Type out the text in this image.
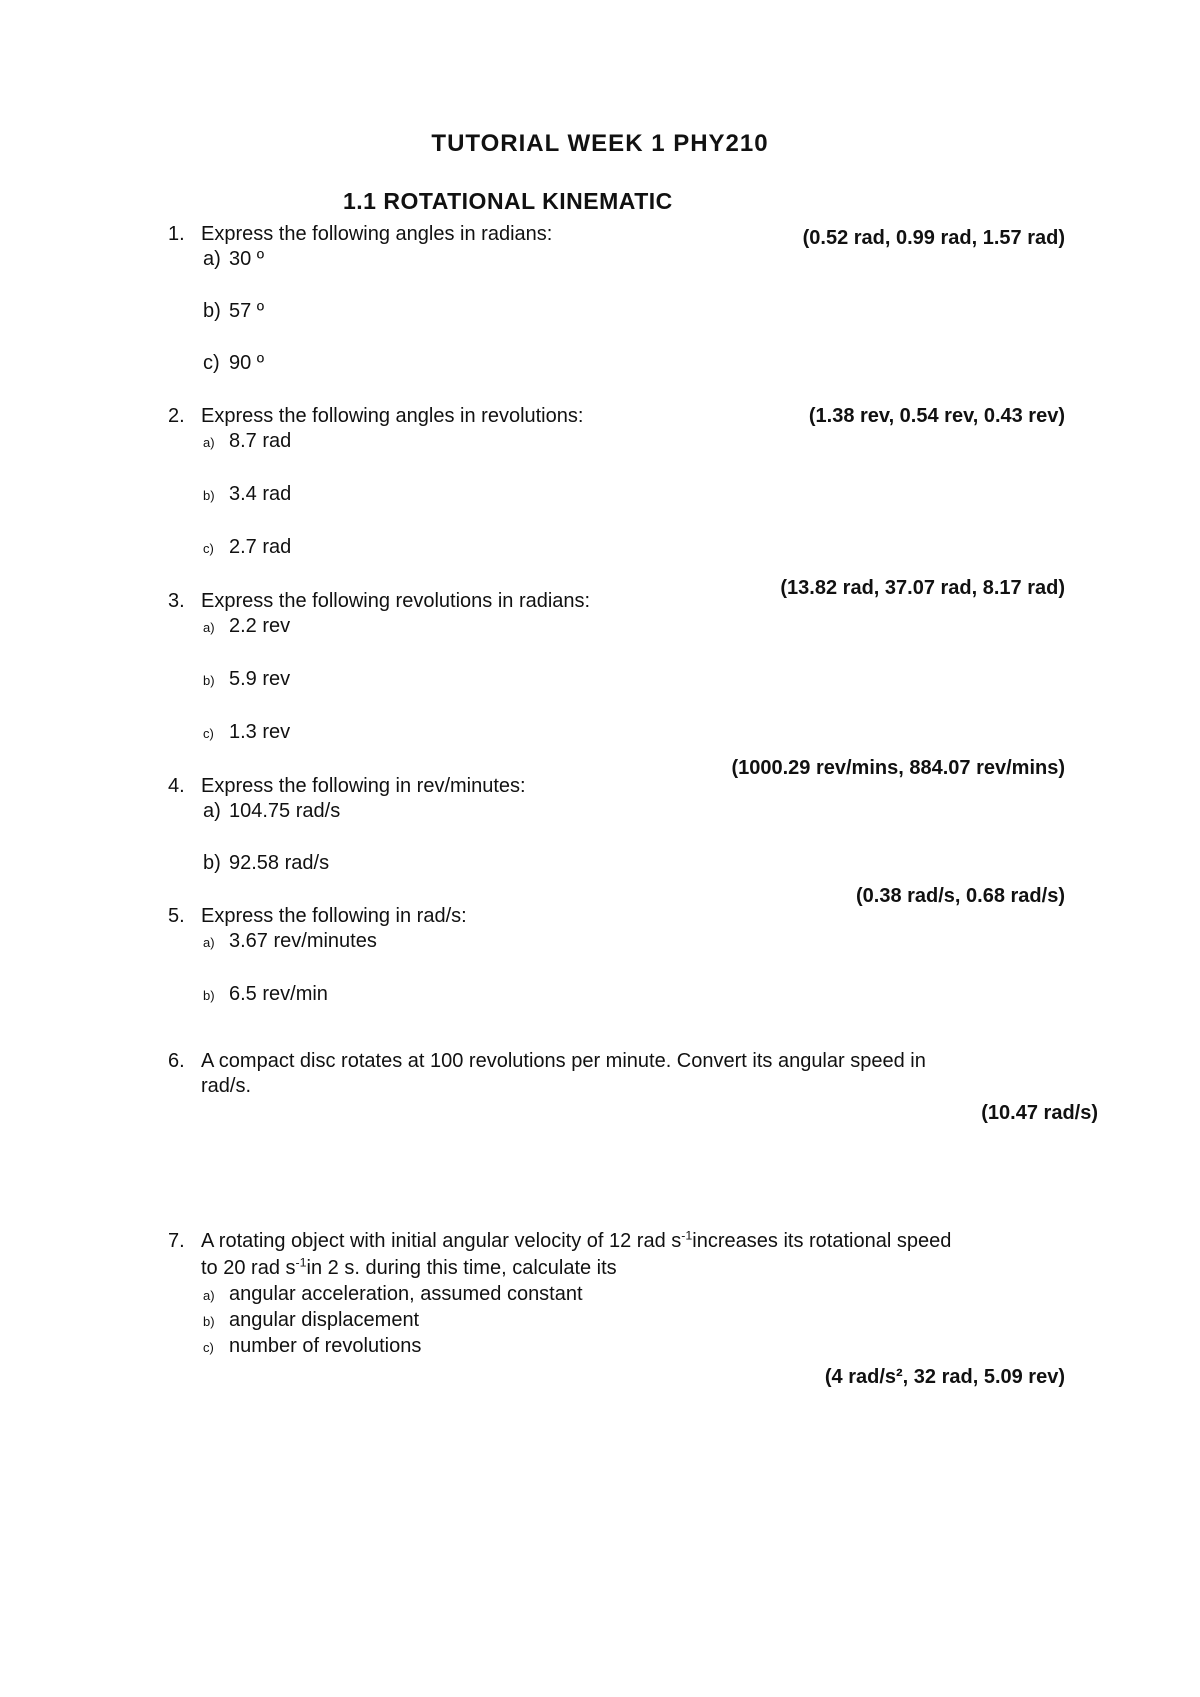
TUTORIAL WEEK 1 PHY210
1.1 ROTATIONAL KINEMATIC
1. Express the following angles in radians:	(0.52 rad, 0.99 rad, 1.57 rad)
a) 30 º
b) 57 º
c) 90 º
2. Express the following angles in revolutions:	(1.38 rev, 0.54 rev, 0.43 rev)
a) 8.7 rad
b) 3.4 rad
c) 2.7 rad
3. Express the following revolutions in radians:
(13.82 rad, 37.07 rad, 8.17 rad)
a) 2.2 rev
b) 5.9 rev
c) 1.3 rev
4. Express the following in rev/minutes:
(1000.29 rev/mins, 884.07 rev/mins)
a) 104.75 rad/s
b) 92.58 rad/s
5. Express the following in rad/s:
(0.38 rad/s, 0.68 rad/s)
a) 3.67 rev/minutes
b) 6.5 rev/min
6. A compact disc rotates at 100 revolutions per minute. Convert its angular speed in
rad/s.
(10.47 rad/s)
7. A rotating object with initial angular velocity of 12 rad $s^{-1}increases$ its rotational speed
to 20 rad $s^{-1}in$ 2 s. during this time, calculate its
a) angular acceleration, assumed constant
b) angular displacement
c) number of revolutions
(4 rad/s², 32 rad, 5.09 rev)
